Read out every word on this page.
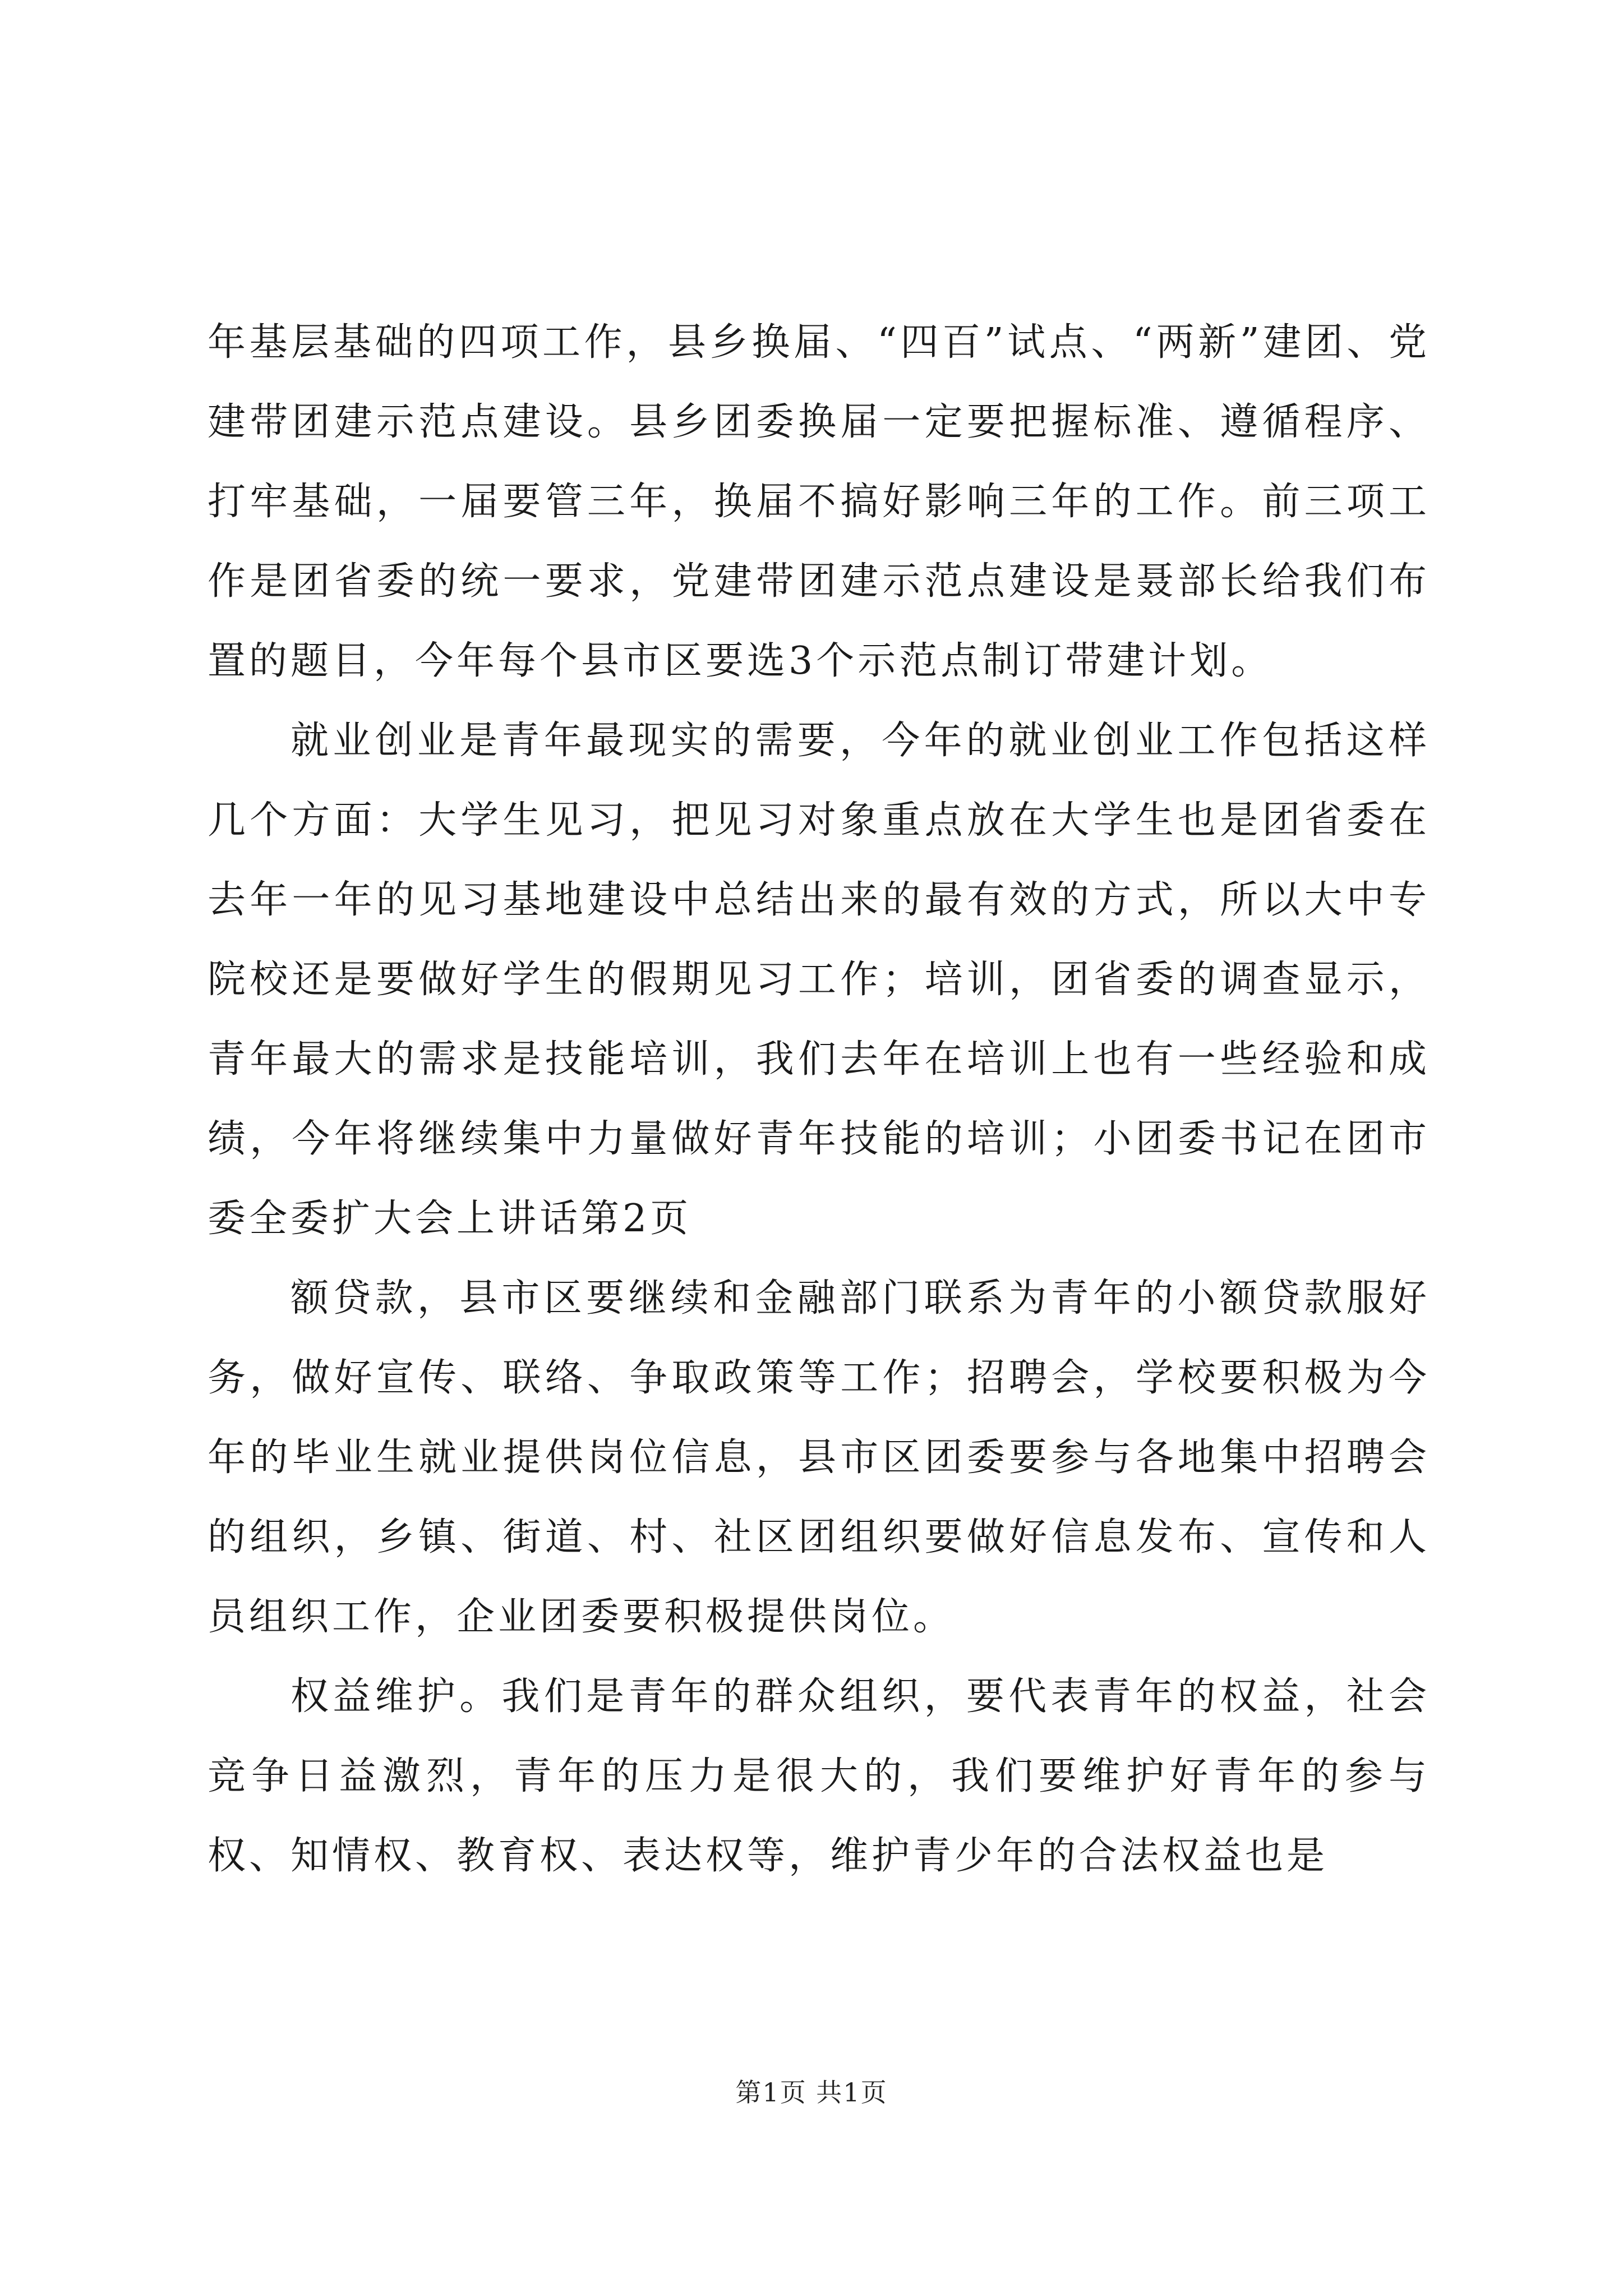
年基层基础的四项工作，县乡换届、“四百”试点、“两新”建团、党建带团建示范点建设。县乡团委换届一定要把握标准、遵循程序、打牢基础，一届要管三年，换届不搞好影响三年的工作。前三项工作是团省委的统一要求，党建带团建示范点建设是聂部长给我们布置的题目，今年每个县市区要选3个示范点制订带建计划。

就业创业是青年最现实的需要，今年的就业创业工作包括这样几个方面：大学生见习，把见习对象重点放在大学生也是团省委在去年一年的见习基地建设中总结出来的最有效的方式，所以大中专院校还是要做好学生的假期见习工作；培训，团省委的调查显示，青年最大的需求是技能培训，我们去年在培训上也有一些经验和成绩，今年将继续集中力量做好青年技能的培训；小团委书记在团市委全委扩大会上讲话第2页

额贷款，县市区要继续和金融部门联系为青年的小额贷款服好务，做好宣传、联络、争取政策等工作；招聘会，学校要积极为今年的毕业生就业提供岗位信息，县市区团委要参与各地集中招聘会的组织，乡镇、街道、村、社区团组织要做好信息发布、宣传和人员组织工作，企业团委要积极提供岗位。

权益维护。我们是青年的群众组织，要代表青年的权益，社会竞争日益激烈，青年的压力是很大的，我们要维护好青年的参与权、知情权、教育权、表达权等，维护青少年的合法权益也是

第1页 共1页
